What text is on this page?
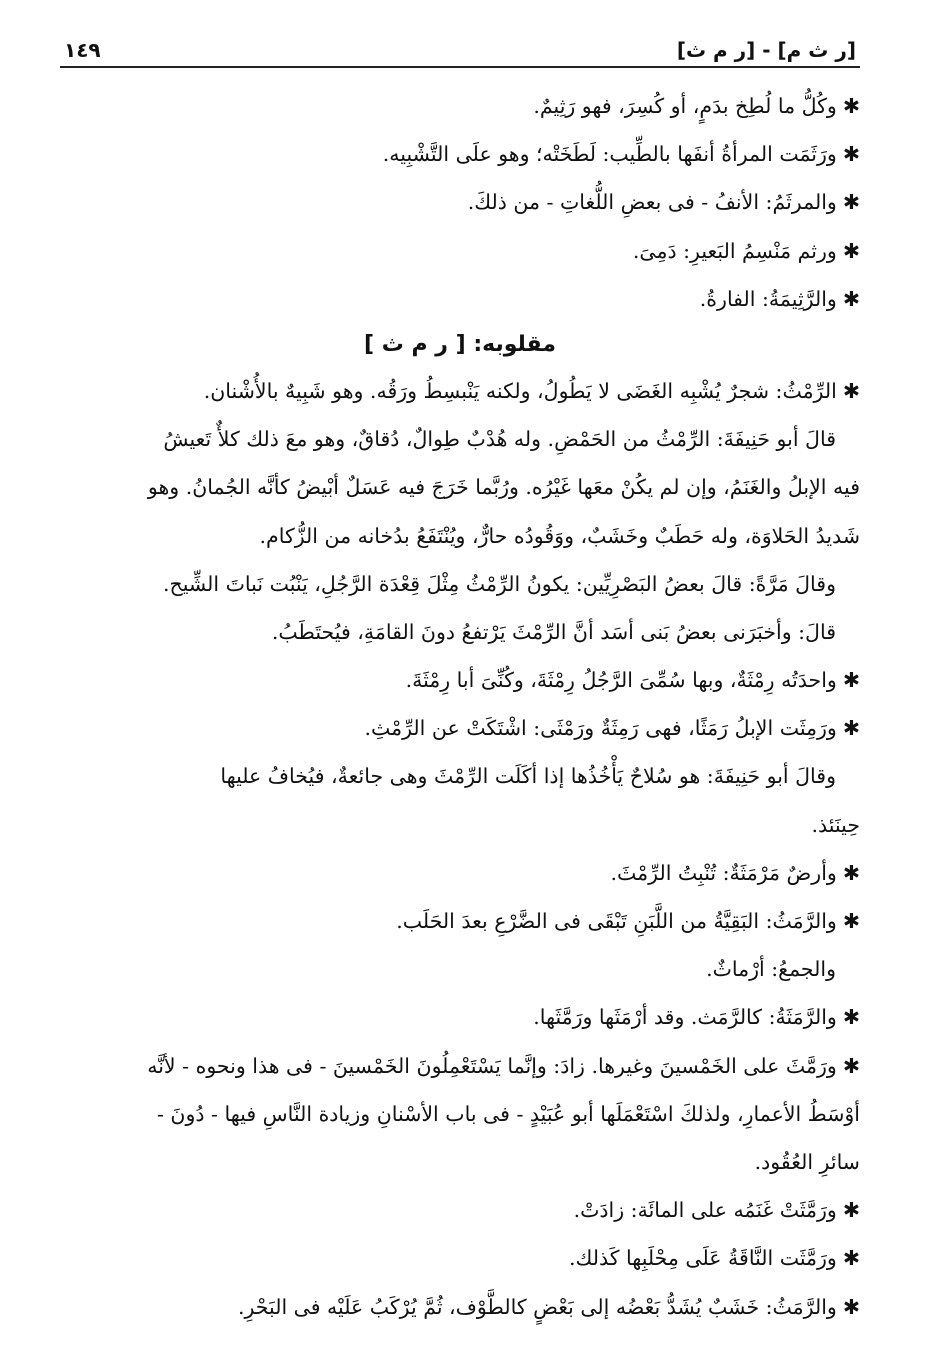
[ر ث م] - [ر م ث]
١٤٩
✱وكُلُّ ما لُطِخ بدَمٍ، أو كُسِرَ، فهو رَثِيمٌ.
✱ورَثَمَت المرأةُ أنفَها بالطِّيب: لَطَخَتْه؛ وهو علَى التَّشْبِيه.
✱والمرثَمُ: الأنفُ - فى بعضِ اللُّغاتِ - من ذلكَ.
✱ورثم مَنْسِمُ البَعيرِ: دَمِىَ.
✱والرَّثِيمَةُ: الفارةُ.
مقلوبه: [ ر م ث ]
✱الرِّمْثُ: شجرٌ يُشْبِه الغَضَى لا يَطُولُ، ولكنه يَنْبسِطُ ورَقُه. وهو شَبِيهٌ بالأُشْنان.
قالَ أبو حَنِيفَةَ: الرِّمْثُ من الحَمْضِ. وله هُدْبٌ طِوالٌ، دُقاقٌ، وهو معَ ذلك كلأٌ تَعيشُ
فيه الإبلُ والغَنَمُ، وإن لم يكُنْ معَها غَيْرُه. ورُبَّما خَرَجَ فيه عَسَلٌ أبْيضُ كأنَّه الجُمانُ. وهو
شَديدُ الحَلاوَة، وله حَطَبٌ وخَشَبٌ، ووَقُودُه حارٌّ، ويُنْتَفَعُ بدُخانه من الزُّكام.
وقالَ مَرَّةً: قالَ بعضُ البَصْرِيِّين: يكونُ الرِّمْثُ مِثْلَ قِعْدَة الرَّجُلِ، يَنْبُت نَباتَ الشِّيح.
قالَ: وأخبَرَنى بعضُ بَنى أسَد أنَّ الرِّمْثَ يَرْتفعُ دونَ القامَةِ، فيُحتَطَبُ.
✱واحدَتُه رِمْثَةٌ، وبها سُمِّىَ الرَّجُلُ رِمْثَةَ، وكُنِّىَ أبا رِمْثَةَ.
✱ورَمِثَت الإبلُ رَمَثًا، فهى رَمِثَةٌ ورَمْثَى: اشْتَكَتْ عن الرِّمْثِ.
وقالَ أبو حَنِيفَةَ: هو سُلاحٌ يَأْخُذُها إذا أكَلَت الرِّمْثَ وهى جائعةٌ، فيُخافُ عليها
حِينَئذ.
✱وأرضٌ مَرْمَثَةٌ: تُنْبِتُ الرِّمْثَ.
✱والرَّمَثُ: البَقِيَّةُ من اللَّبَنِ تَبْقَى فى الضَّرْعِ بعدَ الحَلَب.
والجمعُ: أرْماثٌ.
✱والرَّمَثَةُ: كالرَّمَث. وقد أرْمَثَها ورَمَّثَها.
✱ورَمَّثَ على الخَمْسينَ وغيرها. زادَ: وإنَّما يَسْتَعْمِلُونَ الخَمْسينَ - فى هذا ونحوه - لأنَّه
أوْسَطُ الأعمارِ، ولذلكَ اسْتَعْمَلَها أبو عُبَيْدٍ - فى باب الأسْنانِ وزيادة النَّاسِ فيها - دُونَ -
سائرِ العُقُود.
✱ورَمَّثَتْ غَنَمُه على المائَة: زادَتْ.
✱ورَمَّثَت النَّاقَةُ عَلَى مِحْلَبِها كَذلك.
✱والرَّمَثُ: خَشَبٌ يُشَدُّ بَعْضُه إلى بَعْضٍ كالطَّوْف، ثُمَّ يُرْكَبُ عَلَيْه فى البَحْرِ.
